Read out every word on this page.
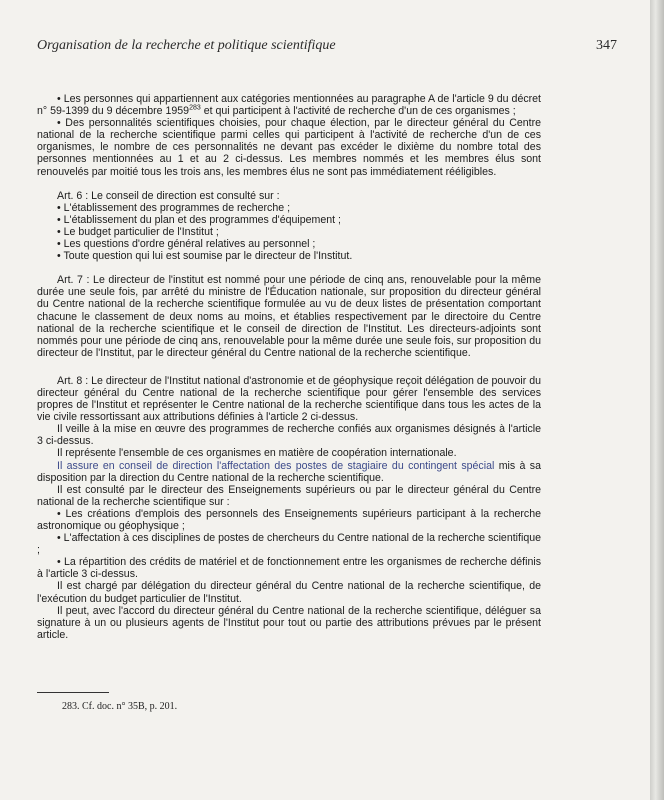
Organisation de la recherche et politique scientifique	347

• Les personnes qui appartiennent aux catégories mentionnées au paragraphe A de l'article 9 du décret n° 59-1399 du 9 décembre 1959$^{283}$ et qui participent à l'activité de recherche d'un de ces organismes ;

• Des personnalités scientifiques choisies, pour chaque élection, par le directeur général du Centre national de la recherche scientifique parmi celles qui participent à l'activité de recherche d'un de ces organismes, le nombre de ces personnalités ne devant pas excéder le dixième du nombre total des personnes mentionnées au 1 et au 2 ci-dessus. Les membres nommés et les membres élus sont renouvelés par moitié tous les trois ans, les membres élus ne sont pas immédiatement rééligibles.

Art. 6 : Le conseil de direction est consulté sur :

• L'établissement des programmes de recherche ;

• L'établissement du plan et des programmes d'équipement ;

• Le budget particulier de l'Institut ;

• Les questions d'ordre général relatives au personnel ;

• Toute question qui lui est soumise par le directeur de l'Institut.

Art. 7 : Le directeur de l'institut est nommé pour une période de cinq ans, renouvelable pour la même durée une seule fois, par arrêté du ministre de l'Éducation nationale, sur proposition du directeur général du Centre national de la recherche scientifique formulée au vu de deux listes de présentation comportant chacune le classement de deux noms au moins, et établies respectivement par le directoire du Centre national de la recherche scientifique et le conseil de direction de l'Institut. Les directeurs-adjoints sont nommés pour une période de cinq ans, renouvelable pour la même durée une seule fois, sur proposition du directeur de l'Institut, par le directeur général du Centre national de la recherche scientifique.

Art. 8 : Le directeur de l'Institut national d'astronomie et de géophysique reçoit délégation de pouvoir du directeur général du Centre national de la recherche scientifique pour gérer l'ensemble des services propres de l'Institut et représenter le Centre national de la recherche scientifique dans tous les actes de la vie civile ressortissant aux attributions définies à l'article 2 ci-dessus.

Il veille à la mise en œuvre des programmes de recherche confiés aux organismes désignés à l'article 3 ci-dessus.

Il représente l'ensemble de ces organismes en matière de coopération internationale.

Il assure en conseil de direction l'affectation des postes de stagiaire du contingent spécial mis à sa disposition par la direction du Centre national de la recherche scientifique.

Il est consulté par le directeur des Enseignements supérieurs ou par le directeur général du Centre national de la recherche scientifique sur :

• Les créations d'emplois des personnels des Enseignements supérieurs participant à la recherche astronomique ou géophysique ;

• L'affectation à ces disciplines de postes de chercheurs du Centre national de la recherche scientifique ;

• La répartition des crédits de matériel et de fonctionnement entre les organismes de recherche définis à l'article 3 ci-dessus.

Il est chargé par délégation du directeur général du Centre national de la recherche scientifique, de l'exécution du budget particulier de l'Institut.

Il peut, avec l'accord du directeur général du Centre national de la recherche scientifique, déléguer sa signature à un ou plusieurs agents de l'Institut pour tout ou partie des attributions prévues par le présent article.

283. Cf. doc. n° 35B, p. 201.
